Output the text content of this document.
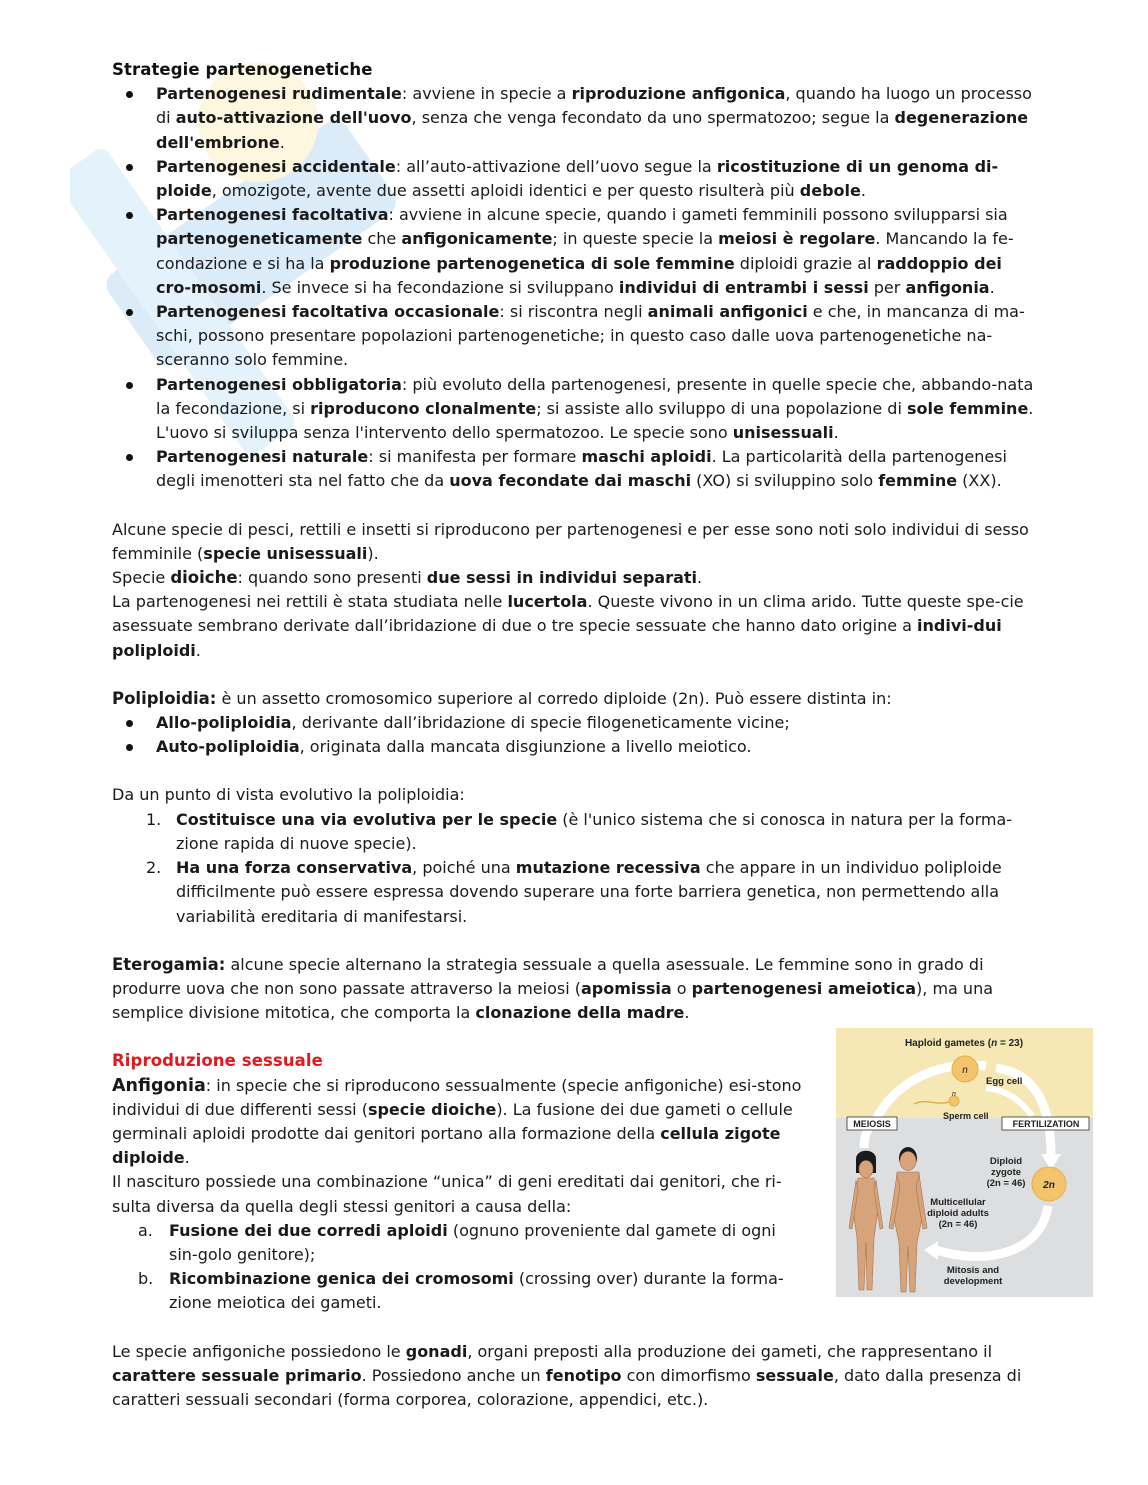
Strategie partenogenetiche

Partenogenesi rudimentale: avviene in specie a riproduzione anfigonica, quando ha luogo un processo di auto-attivazione dell'uovo, senza che venga fecondato da uno spermatozoo; segue la degenerazione dell'embrione.
Partenogenesi accidentale: all’auto-attivazione dell’uovo segue la ricostituzione di un genoma di-ploide, omozigote, avente due assetti aploidi identici e per questo risulterà più debole.
Partenogenesi facoltativa: avviene in alcune specie, quando i gameti femminili possono svilupparsi sia partenogeneticamente che anfigonicamente; in queste specie la meiosi è regolare. Mancando la fe-condazione e si ha la produzione partenogenetica di sole femmine diploidi grazie al raddoppio dei cro-mosomi. Se invece si ha fecondazione si sviluppano individui di entrambi i sessi per anfigonia.
Partenogenesi facoltativa occasionale: si riscontra negli animali anfigonici e che, in mancanza di ma-schi, possono presentare popolazioni partenogenetiche; in questo caso dalle uova partenogenetiche na-sceranno solo femmine.
Partenogenesi obbligatoria: più evoluto della partenogenesi, presente in quelle specie che, abbando-nata la fecondazione, si riproducono clonalmente; si assiste allo sviluppo di una popolazione di sole femmine. L'uovo si sviluppa senza l'intervento dello spermatozoo. Le specie sono unisessuali.
Partenogenesi naturale: si manifesta per formare maschi aploidi. La particolarità della partenogenesi degli imenotteri sta nel fatto che da uova fecondate dai maschi (XO) si sviluppino solo femmine (XX).

Alcune specie di pesci, rettili e insetti si riproducono per partenogenesi e per esse sono noti solo individui di sesso femminile (specie unisessuali).

Specie dioiche: quando sono presenti due sessi in individui separati.

La partenogenesi nei rettili è stata studiata nelle lucertola. Queste vivono in un clima arido. Tutte queste spe-cie asessuate sembrano derivate dall’ibridazione di due o tre specie sessuate che hanno dato origine a indivi-dui poliploidi.

Poliploidia: è un assetto cromosomico superiore al corredo diploide (2n). Può essere distinta in:

Allo-poliploidia, derivante dall’ibridazione di specie filogeneticamente vicine;
Auto-poliploidia, originata dalla mancata disgiunzione a livello meiotico.

Da un punto di vista evolutivo la poliploidia:

1. Costituisce una via evolutiva per le specie (è l'unico sistema che si conosca in natura per la forma-zione rapida di nuove specie).
2. Ha una forza conservativa, poiché una mutazione recessiva che appare in un individuo poliploide difficilmente può essere espressa dovendo superare una forte barriera genetica, non permettendo alla variabilità ereditaria di manifestarsi.

Eterogamia: alcune specie alternano la strategia sessuale a quella asessuale. Le femmine sono in grado di produrre uova che non sono passate attraverso la meiosi (apomissia o partenogenesi ameiotica), ma una semplice divisione mitotica, che comporta la clonazione della madre.

Riproduzione sessuale

Anfigonia: in specie che si riproducono sessualmente (specie anfigoniche) esi-stono individui di due differenti sessi (specie dioiche). La fusione dei due gameti o cellule germinali aploidi prodotte dai genitori portano alla formazione della cellula zigote diploide.

Il nascituro possiede una combinazione “unica” di geni ereditati dai genitori, che ri-sulta diversa da quella degli stessi genitori a causa della:

a. Fusione dei due corredi aploidi (ognuno proveniente dal gamete di ogni sin-golo genitore);
b. Ricombinazione genica dei cromosomi (crossing over) durante la forma-zione meiotica dei gameti.

Le specie anfigoniche possiedono le gonadi, organi preposti alla produzione dei gameti, che rappresentano il carattere sessuale primario. Possiedono anche un fenotipo con dimorfismo sessuale, dato dalla presenza di caratteri sessuali secondari (forma corporea, colorazione, appendici, etc.).

Haploid gametes (n = 23)
n
Egg cell
n
Sperm cell
MEIOSIS	FERTILIZATION
Diploid
zygote
(2n = 46) 2n
Multicellular
diploid adults
(2n = 46)
Mitosis and
development
